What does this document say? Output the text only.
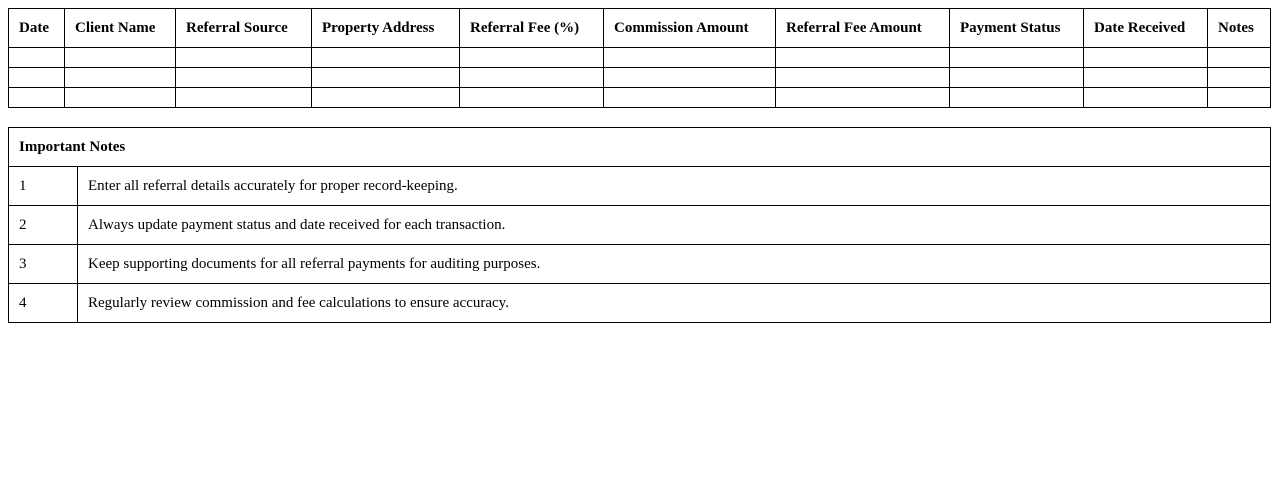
Date	Client Name	Referral Source	Property Address	Referral Fee (%)	Commission Amount	Referral Fee Amount	Payment Status	Date Received	Notes

Important Notes	
1	Enter all referral details accurately for proper record-keeping.
2	Always update payment status and date received for each transaction.
3	Keep supporting documents for all referral payments for auditing purposes.
4	Regularly review commission and fee calculations to ensure accuracy.
